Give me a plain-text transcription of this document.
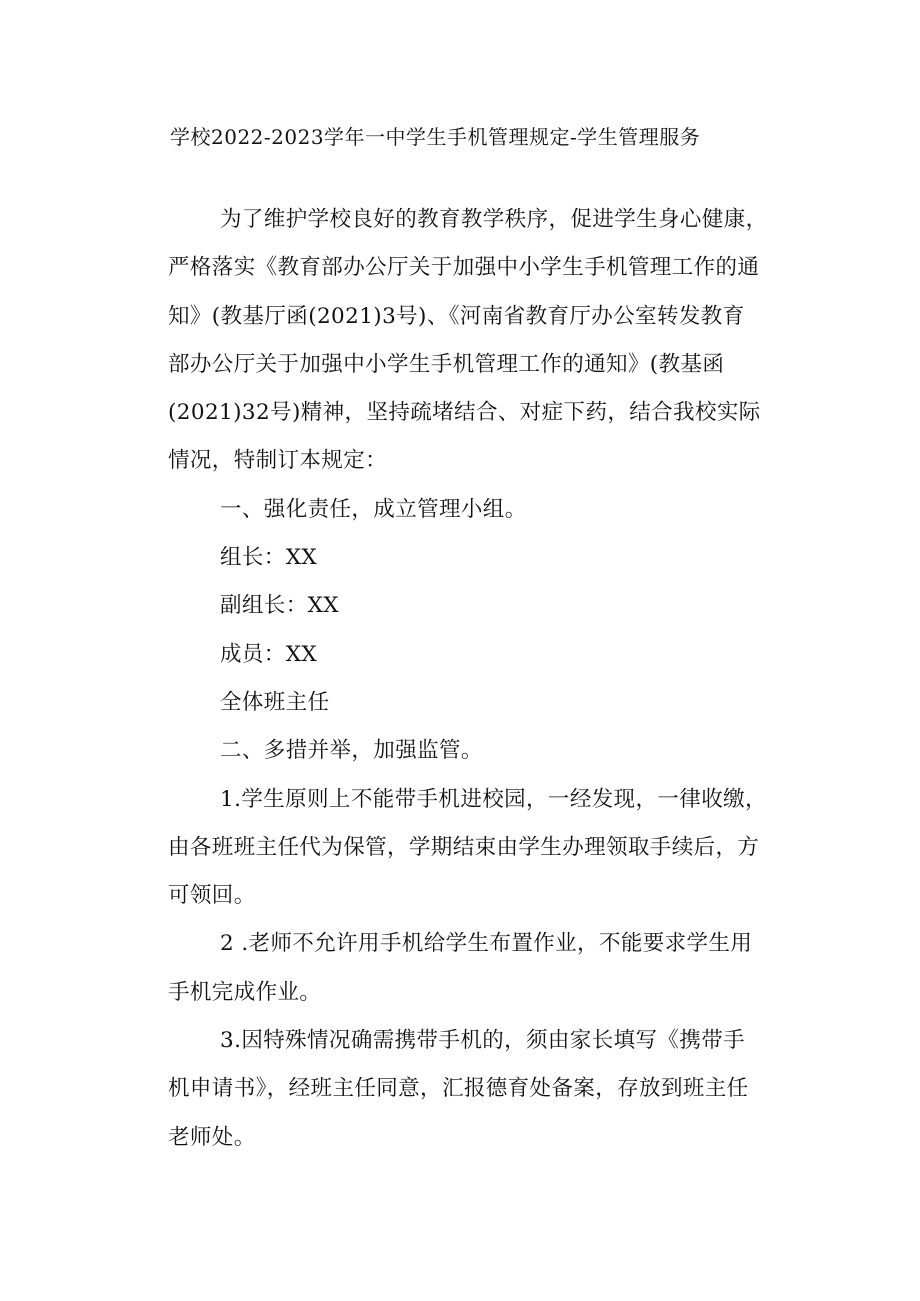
学校2022-2023学年一中学生手机管理规定-学生管理服务
为了维护学校良好的教育教学秩序，促进学生身心健康，
严格落实《教育部办公厅关于加强中小学生手机管理工作的通
知》(教基厅函(2021)3号)、《河南省教育厅办公室转发教育
部办公厅关于加强中小学生手机管理工作的通知》(教基函
(2021)32号)精神，坚持疏堵结合、对症下药，结合我校实际
情况，特制订本规定：
一、强化责任，成立管理小组。
组长：XX
副组长：XX
成员：XX
全体班主任
二、多措并举，加强监管。
1.学生原则上不能带手机进校园，一经发现，一律收缴，
由各班班主任代为保管，学期结束由学生办理领取手续后，方
可领回。
2 .老师不允许用手机给学生布置作业，不能要求学生用
手机完成作业。
3.因特殊情况确需携带手机的，须由家长填写《携带手
机申请书》，经班主任同意，汇报德育处备案，存放到班主任
老师处。
